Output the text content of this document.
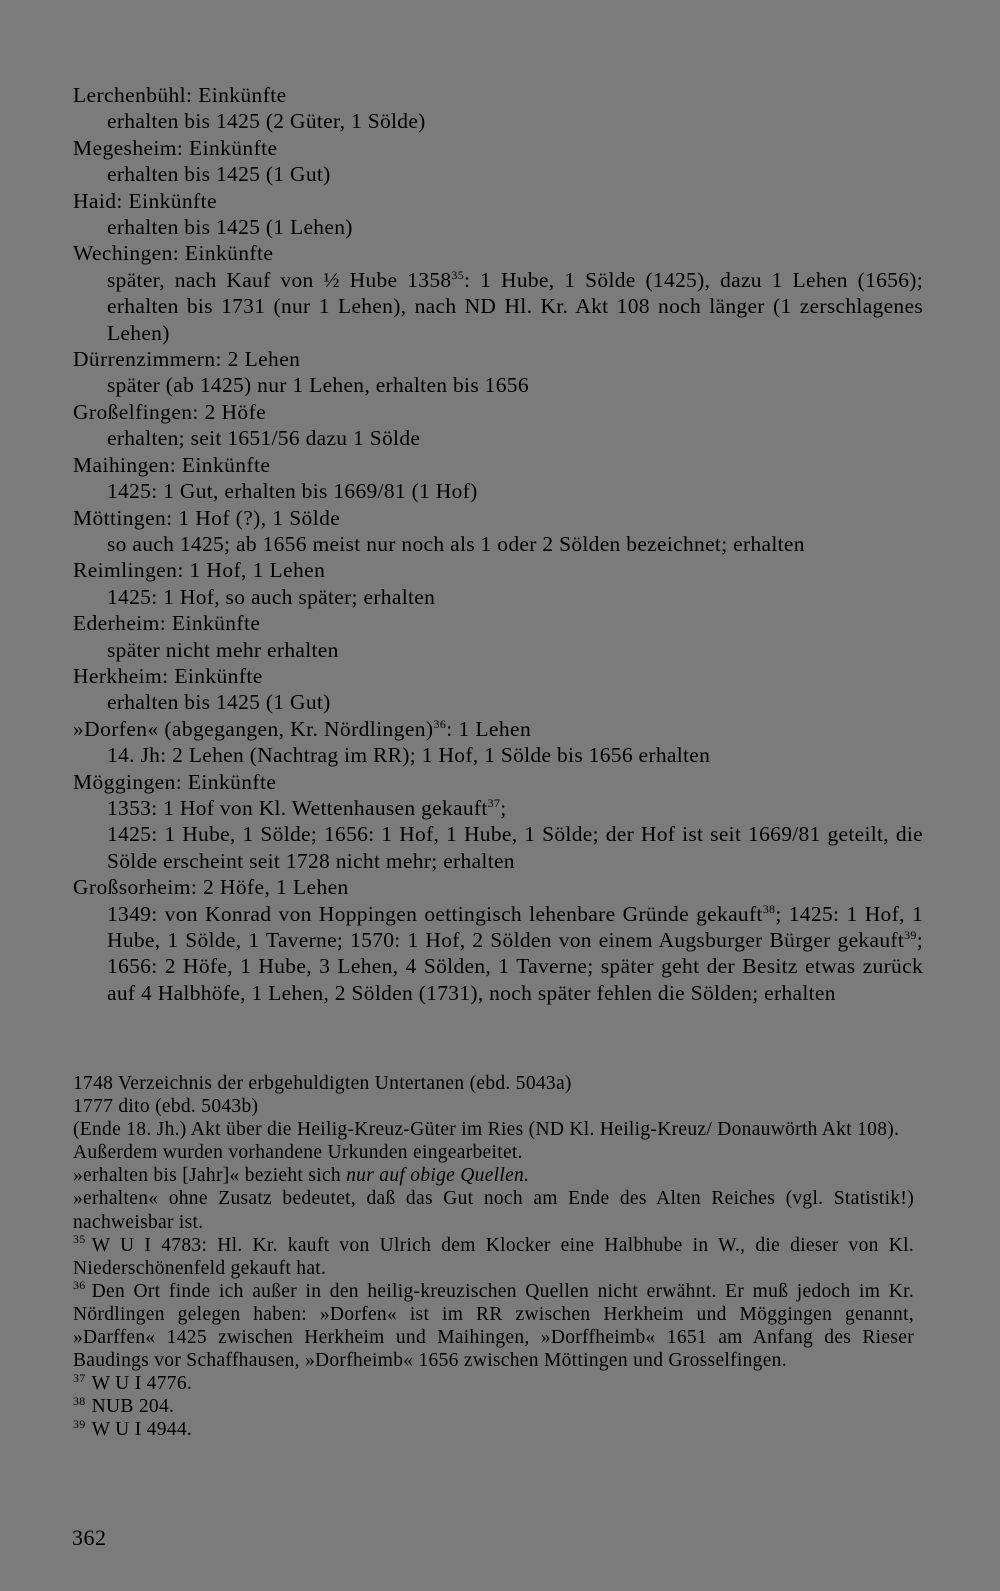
Lerchenbühl: Einkünfte
erhalten bis 1425 (2 Güter, 1 Sölde)
Megesheim: Einkünfte
erhalten bis 1425 (1 Gut)
Haid: Einkünfte
erhalten bis 1425 (1 Lehen)
Wechingen: Einkünfte
später, nach Kauf von ½ Hube 1358$^{35}$: 1 Hube, 1 Sölde (1425), dazu 1 Lehen (1656); erhalten bis 1731 (nur 1 Lehen), nach ND Hl. Kr. Akt 108 noch länger (1 zerschlagenes Lehen)
Dürrenzimmern: 2 Lehen
später (ab 1425) nur 1 Lehen, erhalten bis 1656
Großelfingen: 2 Höfe
erhalten; seit 1651/56 dazu 1 Sölde
Maihingen: Einkünfte
1425: 1 Gut, erhalten bis 1669/81 (1 Hof)
Möttingen: 1 Hof (?), 1 Sölde
so auch 1425; ab 1656 meist nur noch als 1 oder 2 Sölden bezeichnet; erhalten
Reimlingen: 1 Hof, 1 Lehen
1425: 1 Hof, so auch später; erhalten
Ederheim: Einkünfte
später nicht mehr erhalten
Herkheim: Einkünfte
erhalten bis 1425 (1 Gut)
»Dorfen« (abgegangen, Kr. Nördlingen)$^{36}$: 1 Lehen
14. Jh: 2 Lehen (Nachtrag im RR); 1 Hof, 1 Sölde bis 1656 erhalten
Möggingen: Einkünfte
1353: 1 Hof von Kl. Wettenhausen gekauft$^{37}$;
1425: 1 Hube, 1 Sölde; 1656: 1 Hof, 1 Hube, 1 Sölde; der Hof ist seit 1669/81 geteilt, die Sölde erscheint seit 1728 nicht mehr; erhalten
Großsorheim: 2 Höfe, 1 Lehen
1349: von Konrad von Hoppingen oettingisch lehenbare Gründe gekauft$^{38}$; 1425: 1 Hof, 1 Hube, 1 Sölde, 1 Taverne; 1570: 1 Hof, 2 Sölden von einem Augsburger Bürger gekauft$^{39}$; 1656: 2 Höfe, 1 Hube, 3 Lehen, 4 Sölden, 1 Taverne; später geht der Besitz etwas zurück auf 4 Halbhöfe, 1 Lehen, 2 Sölden (1731), noch später fehlen die Sölden; erhalten

1748 Verzeichnis der erbgehuldigten Untertanen (ebd. 5043a)

1777 dito (ebd. 5043b)

(Ende 18. Jh.) Akt über die Heilig-Kreuz-Güter im Ries (ND Kl. Heilig-Kreuz/ Donauwörth Akt 108).

Außerdem wurden vorhandene Urkunden eingearbeitet.

»erhalten bis [Jahr]« bezieht sich nur auf obige Quellen.

»erhalten« ohne Zusatz bedeutet, daß das Gut noch am Ende des Alten Reiches (vgl. Statistik!) nachweisbar ist.

$^{35}$ W U I 4783: Hl. Kr. kauft von Ulrich dem Klocker eine Halbhube in W., die dieser von Kl. Niederschönenfeld gekauft hat.

$^{36}$ Den Ort finde ich außer in den heilig-kreuzischen Quellen nicht erwähnt. Er muß jedoch im Kr. Nördlingen gelegen haben: »Dorfen« ist im RR zwischen Herkheim und Möggingen genannt, »Darffen« 1425 zwischen Herkheim und Maihingen, »Dorffheimb« 1651 am Anfang des Rieser Baudings vor Schaffhausen, »Dorfheimb« 1656 zwischen Möttingen und Grosselfingen.

$^{37}$ W U I 4776.

$^{38}$ NUB 204.

$^{39}$ W U I 4944.

362
